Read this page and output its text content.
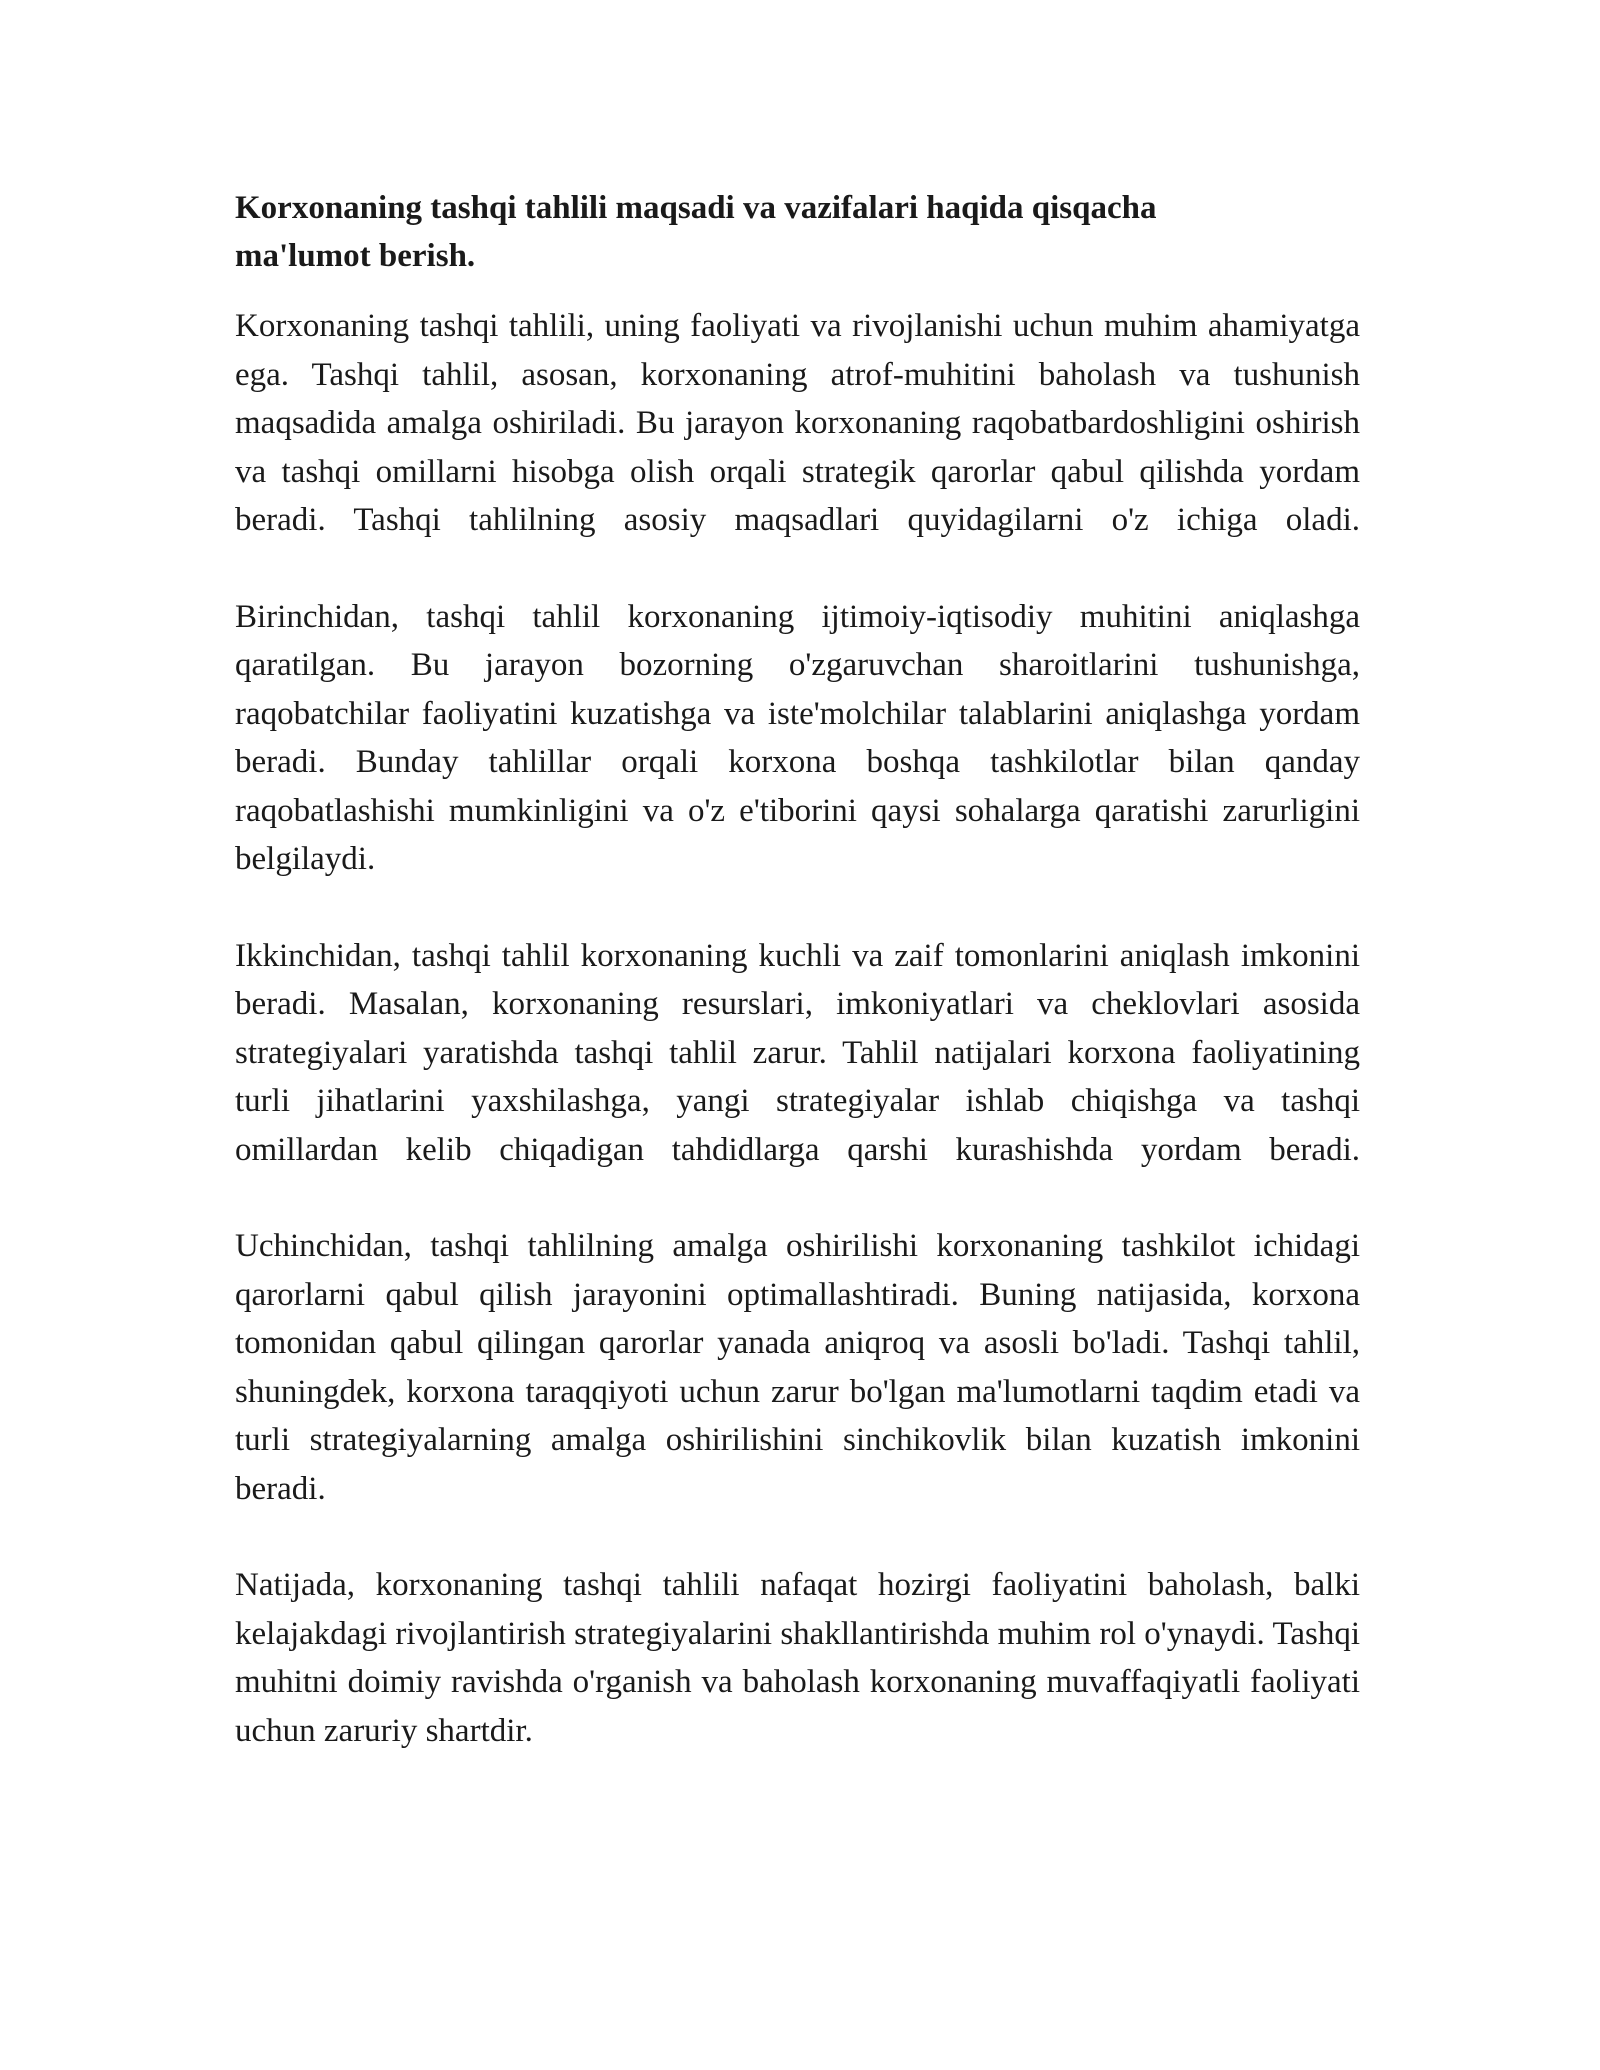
Korxonaning tashqi tahlili maqsadi va vazifalari haqida qisqacha ma'lumot berish.

Korxonaning tashqi tahlili, uning faoliyati va rivojlanishi uchun muhim ahamiyatga ega. Tashqi tahlil, asosan, korxonaning atrof-muhitini baholash va tushunish maqsadida amalga oshiriladi. Bu jarayon korxonaning raqobatbardoshligini oshirish va tashqi omillarni hisobga olish orqali strategik qarorlar qabul qilishda yordam beradi. Tashqi tahlilning asosiy maqsadlari quyidagilarni o'z ichiga oladi.

Birinchidan, tashqi tahlil korxonaning ijtimoiy-iqtisodiy muhitini aniqlashga qaratilgan. Bu jarayon bozorning o'zgaruvchan sharoitlarini tushunishga, raqobatchilar faoliyatini kuzatishga va iste'molchilar talablarini aniqlashga yordam beradi. Bunday tahlillar orqali korxona boshqa tashkilotlar bilan qanday raqobatlashishi mumkinligini va o'z e'tiborini qaysi sohalarga qaratishi zarurligini belgilaydi.

Ikkinchidan, tashqi tahlil korxonaning kuchli va zaif tomonlarini aniqlash imkonini beradi. Masalan, korxonaning resurslari, imkoniyatlari va cheklovlari asosida strategiyalari yaratishda tashqi tahlil zarur. Tahlil natijalari korxona faoliyatining turli jihatlarini yaxshilashga, yangi strategiyalar ishlab chiqishga va tashqi omillardan kelib chiqadigan tahdidlarga qarshi kurashishda yordam beradi.

Uchinchidan, tashqi tahlilning amalga oshirilishi korxonaning tashkilot ichidagi qarorlarni qabul qilish jarayonini optimallashtiradi. Buning natijasida, korxona tomonidan qabul qilingan qarorlar yanada aniqroq va asosli bo'ladi. Tashqi tahlil, shuningdek, korxona taraqqiyoti uchun zarur bo'lgan ma'lumotlarni taqdim etadi va turli strategiyalarning amalga oshirilishini sinchikovlik bilan kuzatish imkonini beradi.

Natijada, korxonaning tashqi tahlili nafaqat hozirgi faoliyatini baholash, balki kelajakdagi rivojlantirish strategiyalarini shakllantirishda muhim rol o'ynaydi. Tashqi muhitni doimiy ravishda o'rganish va baholash korxonaning muvaffaqiyatli faoliyati uchun zaruriy shartdir.
